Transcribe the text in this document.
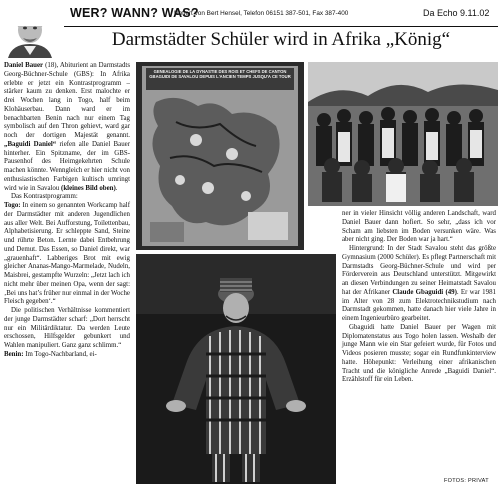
WER? WANN? WAS?
Notiert von Bert Hensel, Telefon 06151 387-501, Fax 387-400	Da Echo 9.11.02
Darmstädter Schüler wird in Afrika „König“

Daniel Bauer (18), Abiturient an Darmstadts Georg-Büchner-Schule (GBS): In Afrika erlebte er jetzt ein Kontrastprogramm – stärker kaum zu denken. Erst malochte er drei Wochen lang in Togo, half beim Klohäuserbau. Dann ward er im benachbarten Benin nach nur einem Tag symbolisch auf den Thron gehievt, ward gar noch der dortigen Majestät genannt. „Baguidi Daniel“ riefen alle Daniel Bauer hinterher. Ein Spitzname, der im GBS-Pausenhof des Heimgekehrten Schule machen könnte. Wenngleich er hier nicht von enthusiastischen Farbigen kultisch umringt wird wie in Savalou (kleines Bild oben).

Das Kontrastprogramm:

Togo: In einem so genannten Workcamp half der Darmstädter mit anderen Jugendlichen aus aller Welt. Bei Aufforstung, Toilettenbau, Alphabetisierung. Er schleppte Sand, Steine und rührte Beton. Lernte dabei Entbehrung und Demut. Das Essen, so Daniel direkt, war „grauenhaft“. Labberiges Brot mit ewig gleicher Ananas-Mango-Marmelade, Nudeln, Maisbrei, gestampfte Wurzeln: „Jetzt lach ich nicht mehr über meinen Opa, wenn der sagt: ‚Bei uns hat’s früher nur einmal in der Woche Fleisch gegeben‘.“

Die politischen Verhältnisse kommentiert der junge Darmstädter scharf: „Dort herrscht nur ein Militärdiktatur. Da werden Leute erschossen, Hilfsgelder gebunkert und Wahlen manipuliert. Ganz ganz schlimm.“

Benin: Im Togo-Nachbarland, ei-

GENEALOGIE DE LA DYNASTIE DES ROIS ET CHEFS DE CANTON GBAGUIDI DE SAVALOU DEPUIS L'ANCIEN TEMPS JUSQU'A CE TOUR

ner in vieler Hinsicht völlig anderen Landschaft, ward Daniel Bauer dann hofiert. So sehr, „dass ich vor Scham am liebsten im Boden versunken wäre. Was aber nicht ging. Der Boden war ja hart.“

Hintergrund: In der Stadt Savalou steht das größte Gymnasium (2000 Schüler). Es pflegt Partnerschaft mit Darmstadts Georg-Büchner-Schule und wird per Förderverein aus Deutschland unterstützt. Mitgewirkt an diesen Verbindungen zu seiner Heimatstadt Savalou hat der Afrikaner Claude Gbaguidi (49). Er war 1981 im Alter von 28 zum Elektrotechnikstudium nach Darmstadt gekommen, hatte danach hier viele Jahre in einem Ingenieurbüro gearbeitet.

Gbaguidi hatte Daniel Bauer per Wagen mit Diplomatenstatus aus Togo holen lassen. Weshalb der junge Mann wie ein Star gefeiert wurde, für Fotos und Videos posieren musste; sogar ein Rundfunkinterview hatte. Höhepunkt: Verleihung einer afrikanischen Tracht und die königliche Anrede „Baguidi Daniel“. Erzählstoff für ein Leben.

FOTOS: PRIVAT
